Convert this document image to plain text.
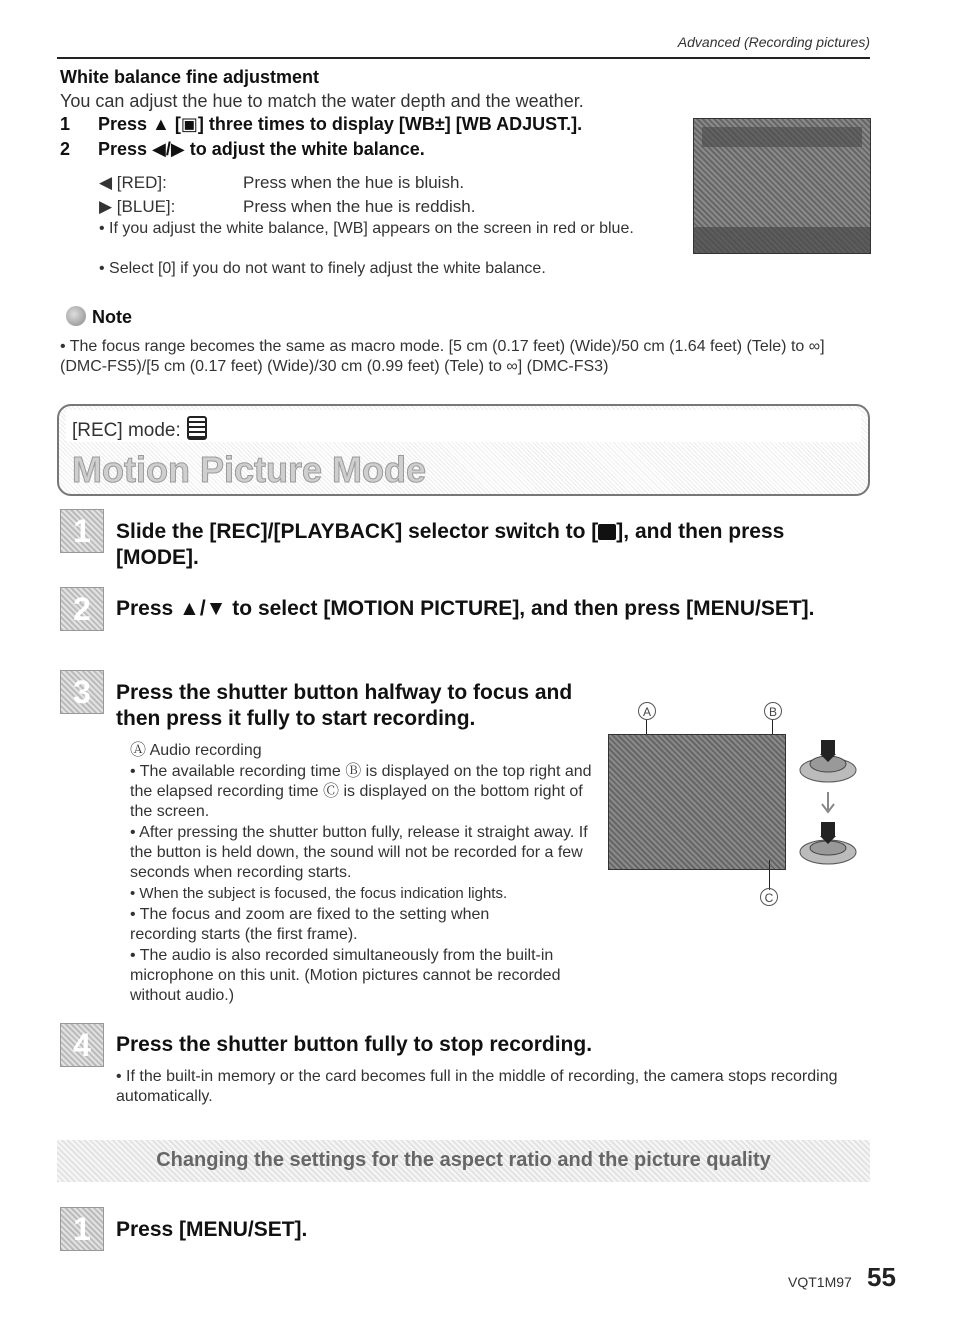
Advanced (Recording pictures)
White balance fine adjustment
You can adjust the hue to match the water depth and the weather.
1 Press ▲ [▣] three times to display [WB±] [WB ADJUST.].
2 Press ◀/▶ to adjust the white balance.
◀ [RED]:	Press when the hue is bluish.
▶ [BLUE]:	Press when the hue is reddish.
• If you adjust the white balance, [WB] appears on the screen in red or blue.
• Select [0] if you do not want to finely adjust the white balance.
Note
• The focus range becomes the same as macro mode. [5 cm (0.17 feet) (Wide)/50 cm (1.64 feet) (Tele) to ∞] (DMC-FS5)/[5 cm (0.17 feet) (Wide)/30 cm (0.99 feet) (Tele) to ∞] (DMC-FS3)
[REC] mode:
Motion Picture Mode
1	Slide the [REC]/[PLAYBACK] selector switch to [ ], and then press [MODE].
2	Press ▲/▼ to select [MOTION PICTURE], and then press [MENU/SET].
3	Press the shutter button halfway to focus and then press it fully to start recording.
Ⓐ Audio recording
• The available recording time Ⓑ is displayed on the top right and the elapsed recording time Ⓒ is displayed on the bottom right of the screen.
• After pressing the shutter button fully, release it straight away. If the button is held down, the sound will not be recorded for a few seconds when recording starts.
• When the subject is focused, the focus indication lights.
• The focus and zoom are fixed to the setting when recording starts (the first frame).
• The audio is also recorded simultaneously from the built-in microphone on this unit. (Motion pictures cannot be recorded without audio.)
A	B
C
4	Press the shutter button fully to stop recording.
• If the built-in memory or the card becomes full in the middle of recording, the camera stops recording automatically.
Changing the settings for the aspect ratio and the picture quality
1	Press [MENU/SET].
VQT1M97 55
